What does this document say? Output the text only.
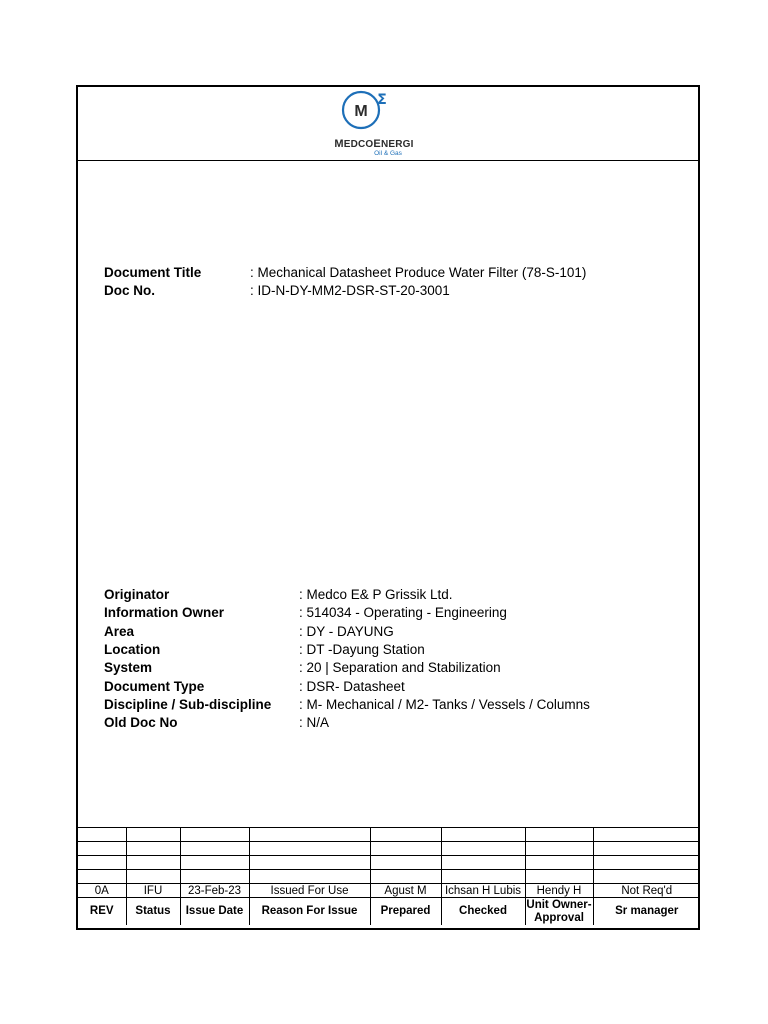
M
Σ
MEDCOENERGI
Oil & Gas
Document Title	: Mechanical Datasheet Produce Water Filter (78-S-101)
Doc No.	: ID-N-DY-MM2-DSR-ST-20-3001
Originator	: Medco E& P Grissik Ltd.
Information Owner	: 514034 - Operating - Engineering
Area	: DY - DAYUNG
Location	: DT -Dayung Station
System	: 20 | Separation and Stabilization
Document Type	: DSR- Datasheet
Discipline / Sub-discipline : M- Mechanical / M2- Tanks / Vessels / Columns
Old Doc No	: N/A

0A	IFU	23-Feb-23	Issued For Use	Agust M	Ichsan H Lubis	Hendy H	Not Req'd
REV	Status	Issue Date	Reason For Issue	Prepared	Checked	Unit Owner-Approval	Sr manager
